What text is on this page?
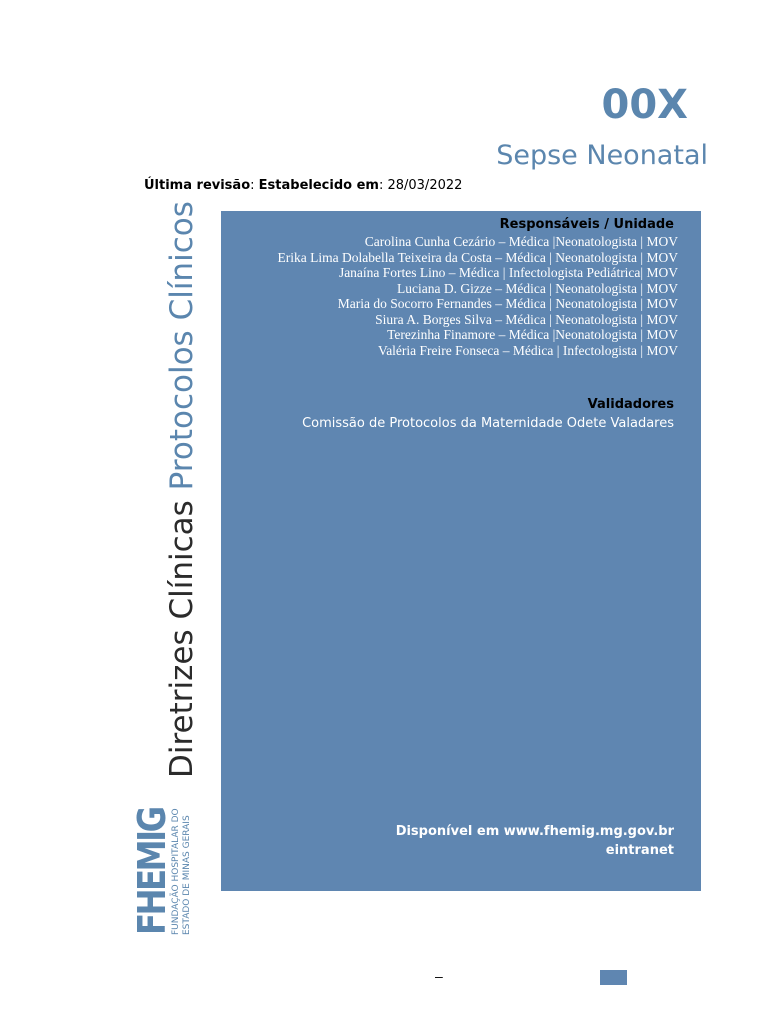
00X
Sepse Neonatal
Última revisão: Estabelecido em: 28/03/2022
Diretrizes Clínicas Protocolos Clínicos	Responsáveis / Unidade
Carolina Cunha Cezário – Médica |Neonatologista | MOV
Erika Lima Dolabella Teixeira da Costa – Médica | Neonatologista | MOV
Janaína Fortes Lino – Médica | Infectologista Pediátrica| MOV
Luciana D. Gizze – Médica | Neonatologista | MOV
Maria do Socorro Fernandes – Médica | Neonatologista | MOV
Siura A. Borges Silva – Médica | Neonatologista | MOV
Terezinha Finamore – Médica |Neonatologista | MOV
Valéria Freire Fonseca – Médica | Infectologista | MOV
Validadores
Comissão de Protocolos da Maternidade Odete Valadares
Disponível em www.fhemig.mg.gov.br
eintranet
FHEMIG
FUNDAÇÃO HOSPITALAR DO ESTADO DE MINAS GERAIS
–
